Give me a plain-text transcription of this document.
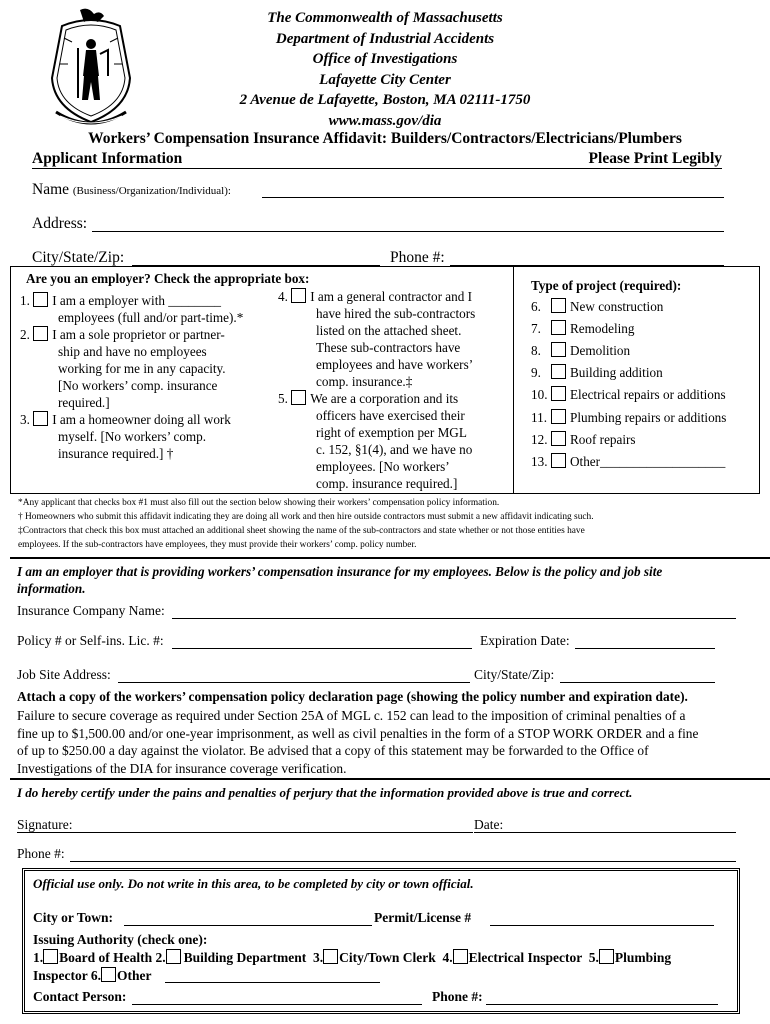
The Commonwealth of Massachusetts
Department of Industrial Accidents
Office of Investigations
Lafayette City Center
2 Avenue de Lafayette, Boston, MA 02111-1750
www.mass.gov/dia
Workers’ Compensation Insurance Affidavit: Builders/Contractors/Electricians/Plumbers
Applicant Information	Please Print Legibly
Name (Business/Organization/Individual):
Address:
City/State/Zip:	Phone #:
Are you an employer? Check the appropriate box:
1. I am a employer with ________
employees (full and/or part-time).*
2. I am a sole proprietor or partner-
ship and have no employees
working for me in any capacity.
[No workers’ comp. insurance
required.]
3. I am a homeowner doing all work
myself. [No workers’ comp.
insurance required.] †
4. I am a general contractor and I
have hired the sub-contractors
listed on the attached sheet.
These sub-contractors have
employees and have workers’
comp. insurance.‡
5. We are a corporation and its
officers have exercised their
right of exemption per MGL
c. 152, §1(4), and we have no
employees. [No workers’
comp. insurance required.]
Type of project (required):
6. New construction
7. Remodeling
8. Demolition
9. Building addition
10. Electrical repairs or additions
11. Plumbing repairs or additions
12. Roof repairs
13. Other___________________
*Any applicant that checks box #1 must also fill out the section below showing their workers’ compensation policy information.
† Homeowners who submit this affidavit indicating they are doing all work and then hire outside contractors must submit a new affidavit indicating such.
‡Contractors that check this box must attached an additional sheet showing the name of the sub-contractors and state whether or not those entities have
employees. If the sub-contractors have employees, they must provide their workers’ comp. policy number.
I am an employer that is providing workers’ compensation insurance for my employees. Below is the policy and job site
information.
Insurance Company Name:
Policy # or Self-ins. Lic. #:	Expiration Date:
Job Site Address:	City/State/Zip:
Attach a copy of the workers’ compensation policy declaration page (showing the policy number and expiration date).
Failure to secure coverage as required under Section 25A of MGL c. 152 can lead to the imposition of criminal penalties of a
fine up to $1,500.00 and/or one-year imprisonment, as well as civil penalties in the form of a STOP WORK ORDER and a fine
of up to $250.00 a day against the violator. Be advised that a copy of this statement may be forwarded to the Office of
Investigations of the DIA for insurance coverage verification.
I do hereby certify under the pains and penalties of perjury that the information provided above is true and correct.
Signature:	Date:
Phone #:
Official use only. Do not write in this area, to be completed by city or town official.
City or Town:	Permit/License #
Issuing Authority (check one):
1. Board of Health 2. Building Department 3. City/Town Clerk 4. Electrical Inspector 5. Plumbing
Inspector 6. Other
Contact Person:	Phone #:
